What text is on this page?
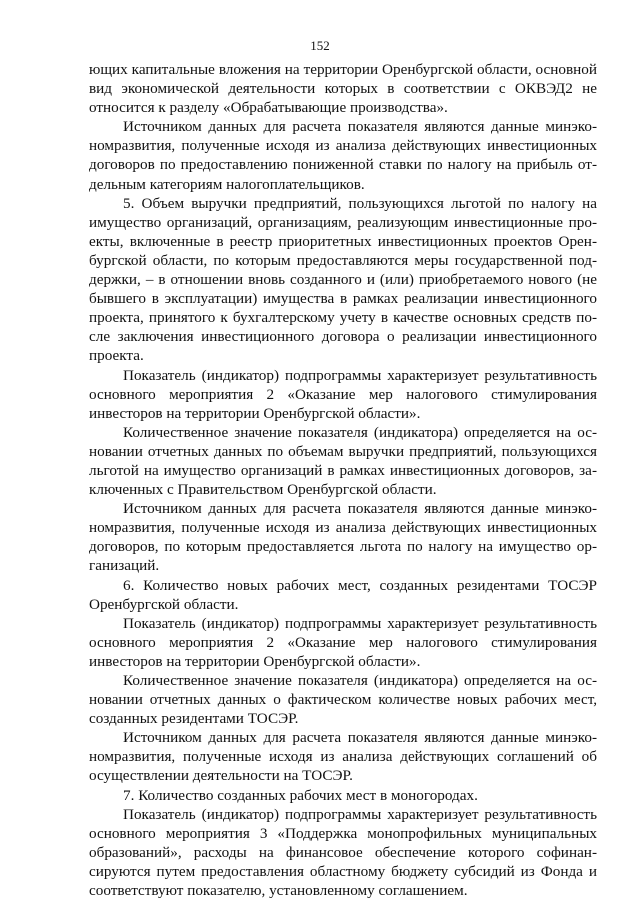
152

ющих капитальные вложения на территории Оренбургской области, основной вид экономической деятельности которых в соответствии с ОКВЭД2 не относится к разделу «Обрабатывающие производства».

Источником данных для расчета показателя являются данные минэкономразвития, полученные исходя из анализа действующих инвестиционных договоров по предоставлению пониженной ставки по налогу на прибыль отдельным категориям налогоплательщиков.

5. Объем выручки предприятий, пользующихся льготой по налогу на имущество организаций, организациям, реализующим инвестиционные проекты, включенные в реестр приоритетных инвестиционных проектов Оренбургской области, по которым предоставляются меры государственной поддержки, – в отношении вновь созданного и (или) приобретаемого нового (не бывшего в эксплуатации) имущества в рамках реализации инвестиционного проекта, принятого к бухгалтерскому учету в качестве основных средств после заключения инвестиционного договора о реализации инвестиционного проекта.

Показатель (индикатор) подпрограммы характеризует результативность основного мероприятия 2 «Оказание мер налогового стимулирования инвесторов на территории Оренбургской области».

Количественное значение показателя (индикатора) определяется на основании отчетных данных по объемам выручки предприятий, пользующихся льготой на имущество организаций в рамках инвестиционных договоров, заключенных с Правительством Оренбургской области.

Источником данных для расчета показателя являются данные минэкономразвития, полученные исходя из анализа действующих инвестиционных договоров, по которым предоставляется льгота по налогу на имущество организаций.

6. Количество новых рабочих мест, созданных резидентами ТОСЭР Оренбургской области.

Показатель (индикатор) подпрограммы характеризует результативность основного мероприятия 2 «Оказание мер налогового стимулирования инвесторов на территории Оренбургской области».

Количественное значение показателя (индикатора) определяется на основании отчетных данных о фактическом количестве новых рабочих мест, созданных резидентами ТОСЭР.

Источником данных для расчета показателя являются данные минэкономразвития, полученные исходя из анализа действующих соглашений об осуществлении деятельности на ТОСЭР.

7. Количество созданных рабочих мест в моногородах.

Показатель (индикатор) подпрограммы характеризует результативность основного мероприятия 3 «Поддержка монопрофильных муниципальных образований», расходы на финансовое обеспечение которого софинансируются путем предоставления областному бюджету субсидий из Фонда и соответствуют показателю, установленному соглашением.
